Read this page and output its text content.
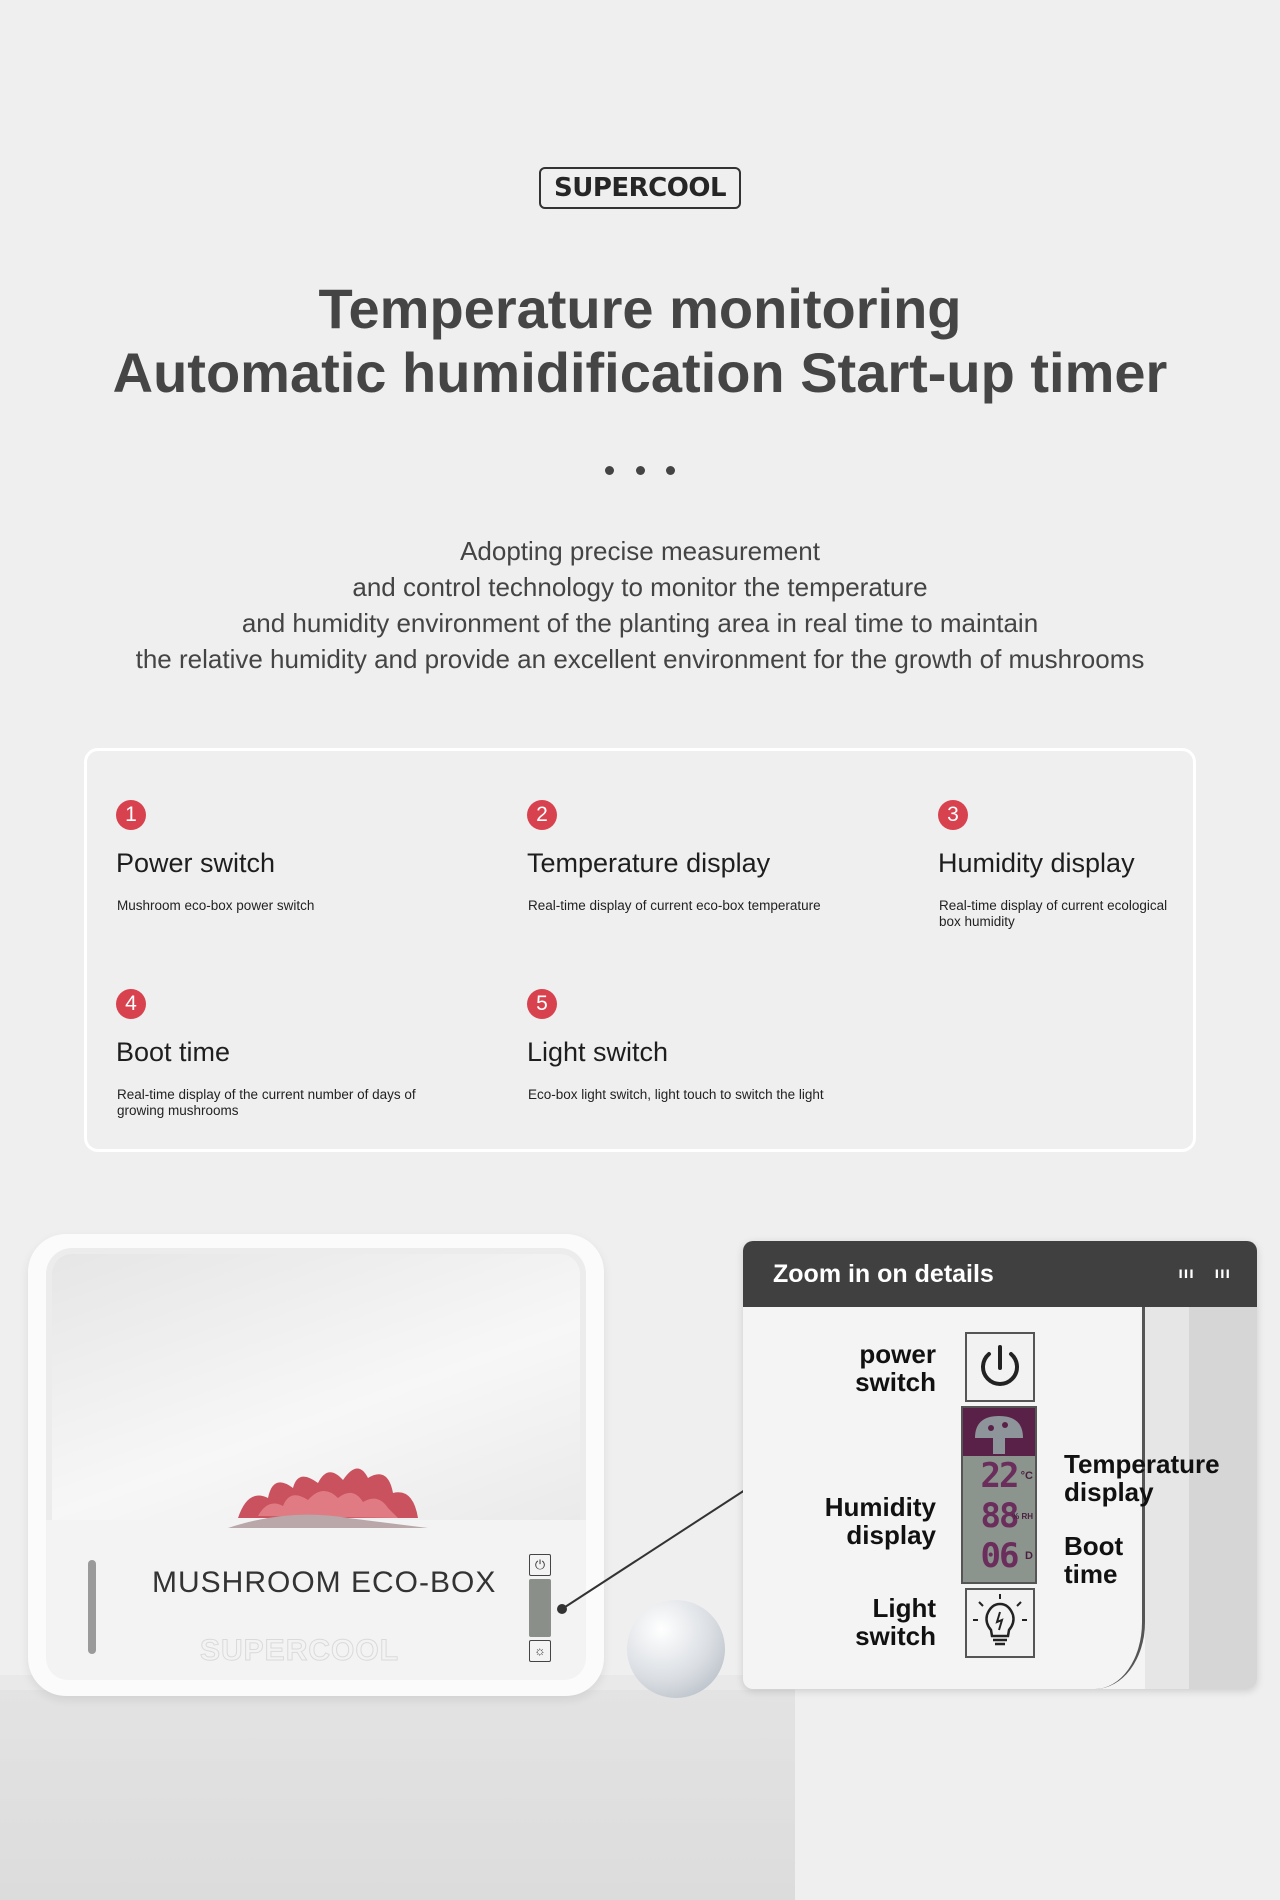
SUPERCOOL
Temperature monitoring
Automatic humidification Start-up timer
Adopting precise measurement
and control technology to monitor the temperature
and humidity environment of the planting area in real time to maintain
the relative humidity and provide an excellent environment for the growth of mushrooms
1
Power switch
Mushroom eco-box power switch
2
Temperature display
Real-time display of current eco-box temperature
3
Humidity display
Real-time display of current ecological box humidity
4
Boot time
Real-time display of the current number of days of growing mushrooms
5
Light switch
Eco-box light switch, light touch to switch the light
MUSHROOM ECO-BOX
SUPERCOOL
⏻
☼
Zoom in on details	ııı ııı
power
switch
Humidity
display
Light
switch
Temperature
display
Boot
time
22 °C
88
% RH
06 D
